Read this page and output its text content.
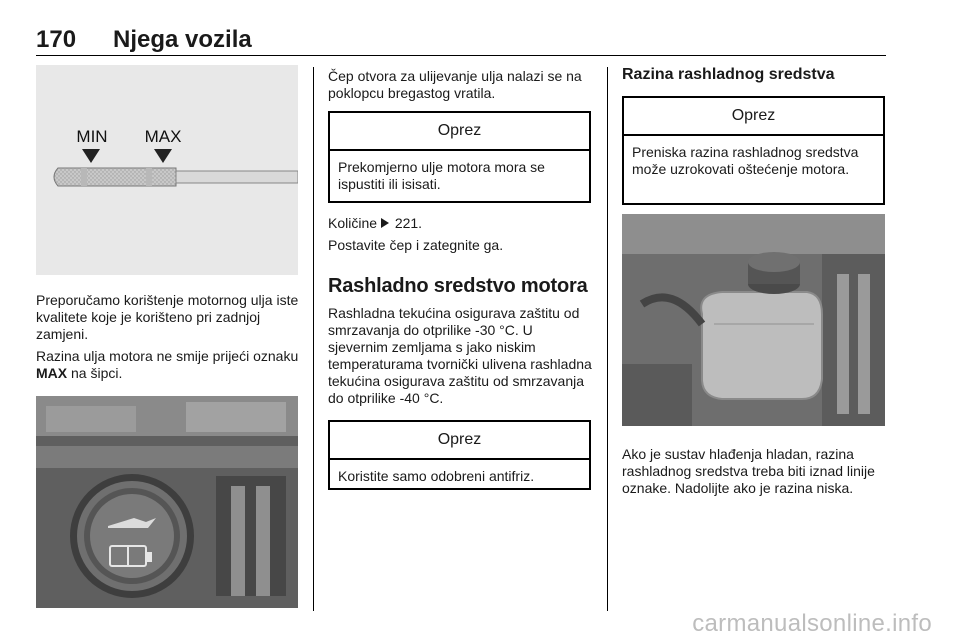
170 Njega vozila
MIN MAX

Preporučamo korištenje motornog ulja iste kvalitete koje je korišteno pri zadnjoj zamjeni.

Razina ulja motora ne smije prijeći oznaku MAX na šipci.

Čep otvora za ulijevanje ulja nalazi se na poklopcu bregastog vratila.

Oprez
Prekomjerno ulje motora mora se ispustiti ili isisati.

Količine 221.

Postavite čep i zategnite ga.

Rashladno sredstvo motora

Rashladna tekućina osigurava zaštitu od smrzavanja do otprilike -30 °C. U sjevernim zemljama s jako niskim temperaturama tvornički ulivena rashladna tekućina osigurava zaštitu od smrzavanja do otprilike -40 °C.

Oprez
Koristite samo odobreni antifriz.
Razina rashladnog sredstva
Oprez
Preniska razina rashladnog sredstva može uzrokovati oštećenje motora.

Ako je sustav hlađenja hladan, razina rashladnog sredstva treba biti iznad linije oznake. Nadolijte ako je razina niska.

carmanualsonline.info
